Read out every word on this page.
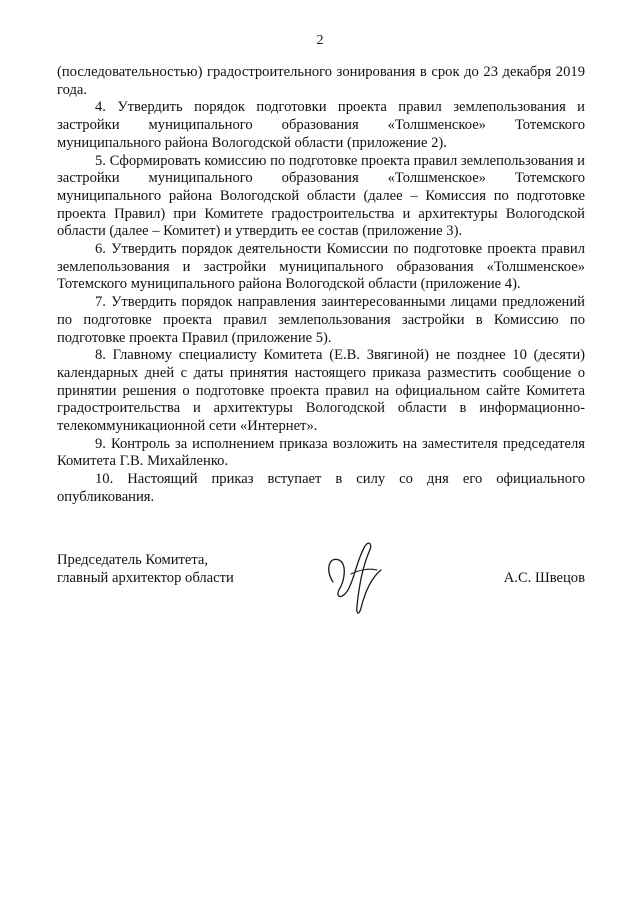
2

(последовательностью) градостроительного зонирования в срок до 23 декабря 2019 года.

4. Утвердить порядок подготовки проекта правил землепользования и застройки муниципального образования «Толшменское» Тотемского муниципального района Вологодской области (приложение 2).

5. Сформировать комиссию по подготовке проекта правил землепользования и застройки муниципального образования «Толшменское» Тотемского муниципального района Вологодской области (далее – Комиссия по подготовке проекта Правил) при Комитете градостроительства и архитектуры Вологодской области (далее – Комитет) и утвердить ее состав (приложение 3).

6. Утвердить порядок деятельности Комиссии по подготовке проекта правил землепользования и застройки муниципального образования «Толшменское» Тотемского муниципального района Вологодской области (приложение 4).

7. Утвердить порядок направления заинтересованными лицами предложений по подготовке проекта правил землепользования застройки в Комиссию по подготовке проекта Правил (приложение 5).

8. Главному специалисту Комитета (Е.В. Звягиной) не позднее 10 (десяти) календарных дней с даты принятия настоящего приказа разместить сообщение о принятии решения о подготовке проекта правил на официальном сайте Комитета градостроительства и архитектуры Вологодской области в информационно-телекоммуникационной сети «Интернет».

9. Контроль за исполнением приказа возложить на заместителя председателя Комитета Г.В. Михайленко.

10. Настоящий приказ вступает в силу со дня его официального опубликования.

Председатель Комитета,
главный архитектор области	А.С. Швецов
